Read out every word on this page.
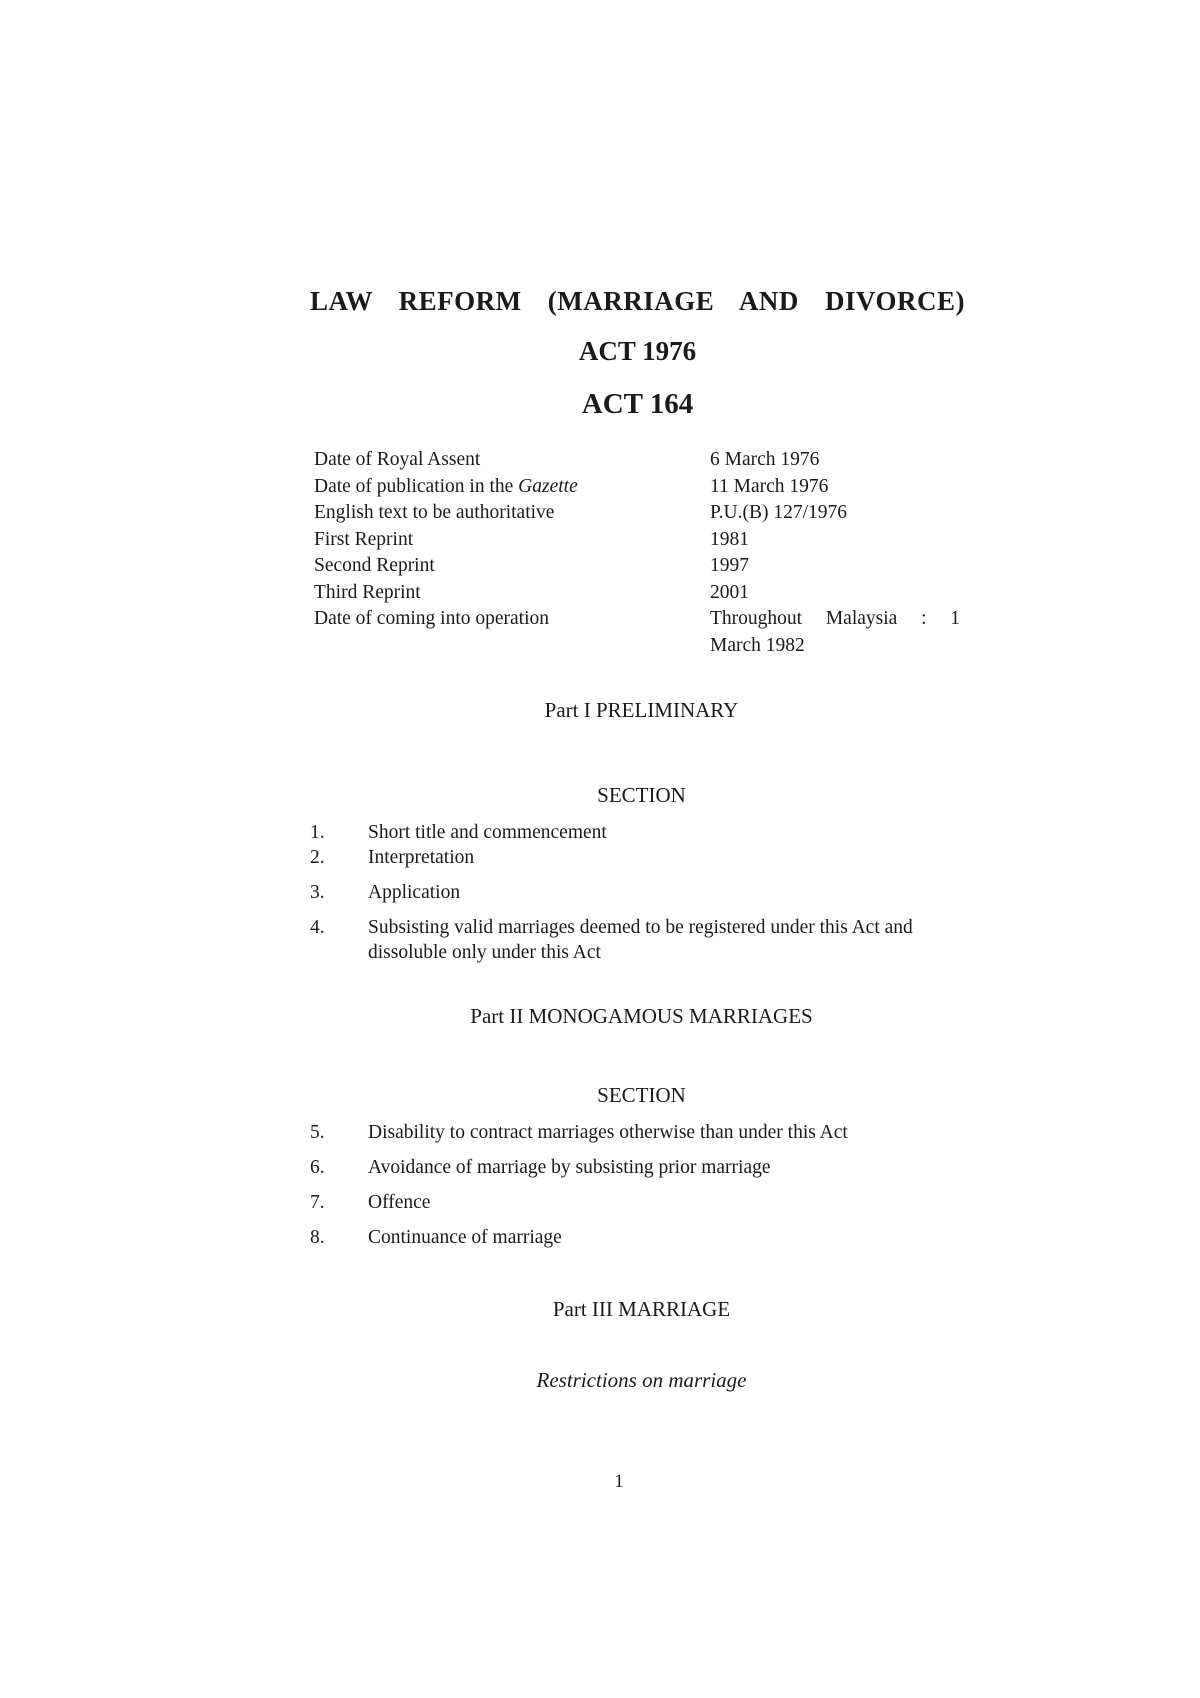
LAW REFORM (MARRIAGE AND DIVORCE)
ACT 1976
ACT 164
Date of Royal Assent	6 March 1976
Date of publication in the Gazette	11 March 1976
English text to be authoritative	P.U.(B) 127/1976
First Reprint	1981
Second Reprint	1997
Third Reprint	2001
Date of coming into operation	Throughout Malaysia : 1
March 1982
Part I PRELIMINARY
SECTION
1.	Short title and commencement
2.	Interpretation
3.	Application
4.	Subsisting valid marriages deemed to be registered under this Act and dissoluble only under this Act
Part II MONOGAMOUS MARRIAGES
SECTION
5.	Disability to contract marriages otherwise than under this Act
6.	Avoidance of marriage by subsisting prior marriage
7.	Offence
8.	Continuance of marriage
Part III MARRIAGE
Restrictions on marriage
1
